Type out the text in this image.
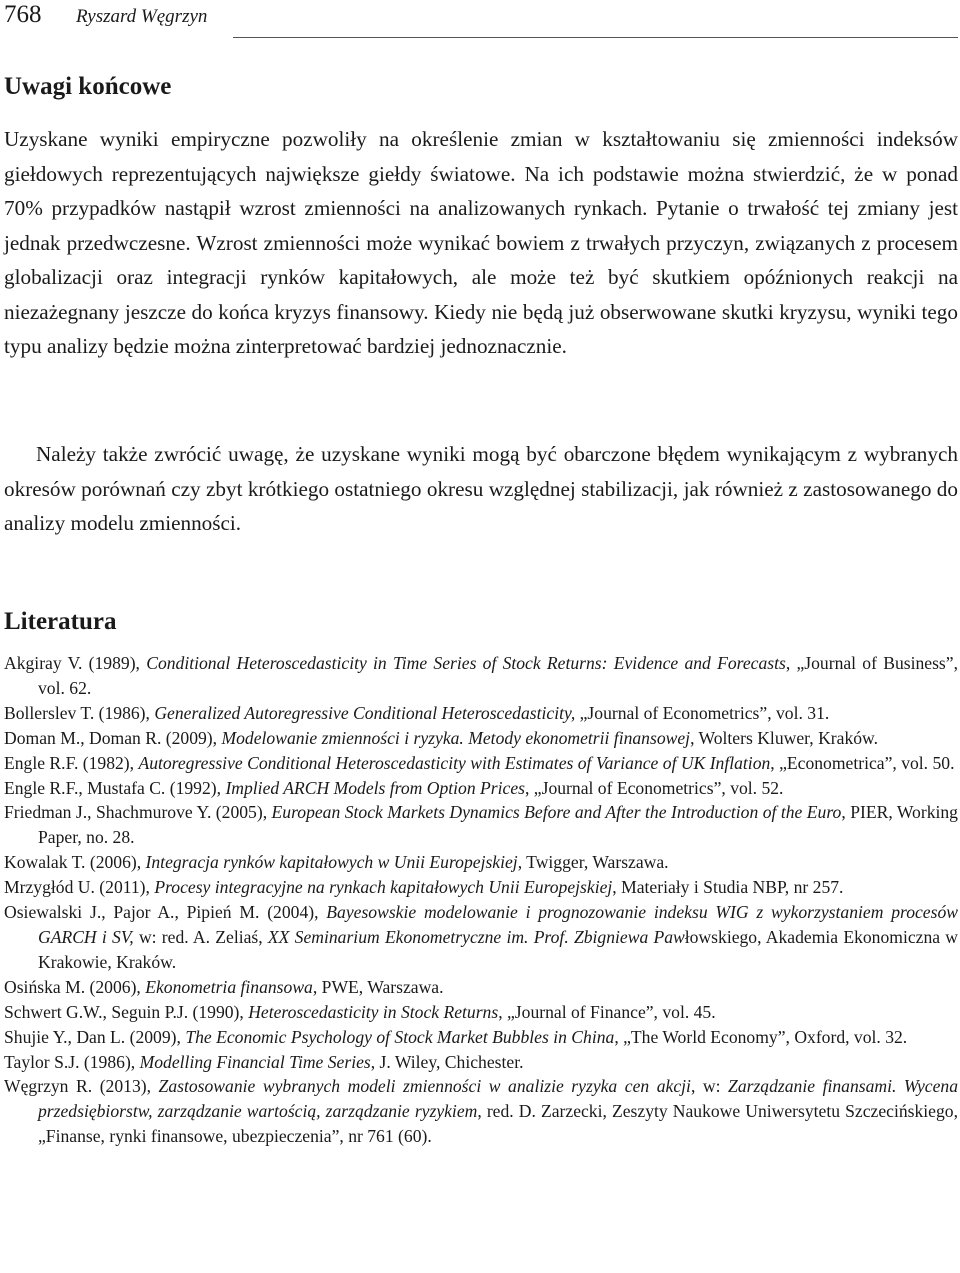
768 Ryszard Węgrzyn
Uwagi końcowe

Uzyskane wyniki empiryczne pozwoliły na określenie zmian w kształtowaniu się zmienności indeksów giełdowych reprezentujących największe giełdy światowe. Na ich podstawie można stwierdzić, że w ponad 70% przypadków nastąpił wzrost zmienności na analizowanych rynkach. Pytanie o trwałość tej zmiany jest jednak przedwczesne. Wzrost zmienności może wynikać bowiem z trwałych przyczyn, związanych z procesem globalizacji oraz integracji rynków kapitałowych, ale może też być skutkiem opóźnionych reakcji na niezażegnany jeszcze do końca kryzys finansowy. Kiedy nie będą już obserwowane skutki kryzysu, wyniki tego typu analizy będzie można zinterpretować bardziej jednoznacznie.

Należy także zwrócić uwagę, że uzyskane wyniki mogą być obarczone błędem wynikającym z wybranych okresów porównań czy zbyt krótkiego ostatniego okresu względnej stabilizacji, jak również z zastosowanego do analizy modelu zmienności.

Literatura
Akgiray V. (1989), Conditional Heteroscedasticity in Time Series of Stock Returns: Evidence and Forecasts, „Journal of Business”, vol. 62.
Bollerslev T. (1986), Generalized Autoregressive Conditional Heteroscedasticity, „Journal of Econometrics”, vol. 31.
Doman M., Doman R. (2009), Modelowanie zmienności i ryzyka. Metody ekonometrii finansowej, Wolters Kluwer, Kraków.
Engle R.F. (1982), Autoregressive Conditional Heteroscedasticity with Estimates of Variance of UK Inflation, „Econometrica”, vol. 50.
Engle R.F., Mustafa C. (1992), Implied ARCH Models from Option Prices, „Journal of Econometrics”, vol. 52.
Friedman J., Shachmurove Y. (2005), European Stock Markets Dynamics Before and After the Introduction of the Euro, PIER, Working Paper, no. 28.
Kowalak T. (2006), Integracja rynków kapitałowych w Unii Europejskiej, Twigger, Warszawa.
Mrzygłód U. (2011), Procesy integracyjne na rynkach kapitałowych Unii Europejskiej, Materiały i Studia NBP, nr 257.
Osiewalski J., Pajor A., Pipień M. (2004), Bayesowskie modelowanie i prognozowanie indeksu WIG z wykorzystaniem procesów GARCH i SV, w: red. A. Zeliaś, XX Seminarium Ekonometryczne im. Prof. Zbigniewa Pawłowskiego, Akademia Ekonomiczna w Krakowie, Kraków.
Osińska M. (2006), Ekonometria finansowa, PWE, Warszawa.
Schwert G.W., Seguin P.J. (1990), Heteroscedasticity in Stock Returns, „Journal of Finance”, vol. 45.
Shujie Y., Dan L. (2009), The Economic Psychology of Stock Market Bubbles in China, „The World Economy”, Oxford, vol. 32.
Taylor S.J. (1986), Modelling Financial Time Series, J. Wiley, Chichester.
Węgrzyn R. (2013), Zastosowanie wybranych modeli zmienności w analizie ryzyka cen akcji, w: Zarządzanie finansami. Wycena przedsiębiorstw, zarządzanie wartością, zarządzanie ryzykiem, red. D. Zarzecki, Zeszyty Naukowe Uniwersytetu Szczecińskiego, „Finanse, rynki finansowe, ubezpieczenia”, nr 761 (60).
